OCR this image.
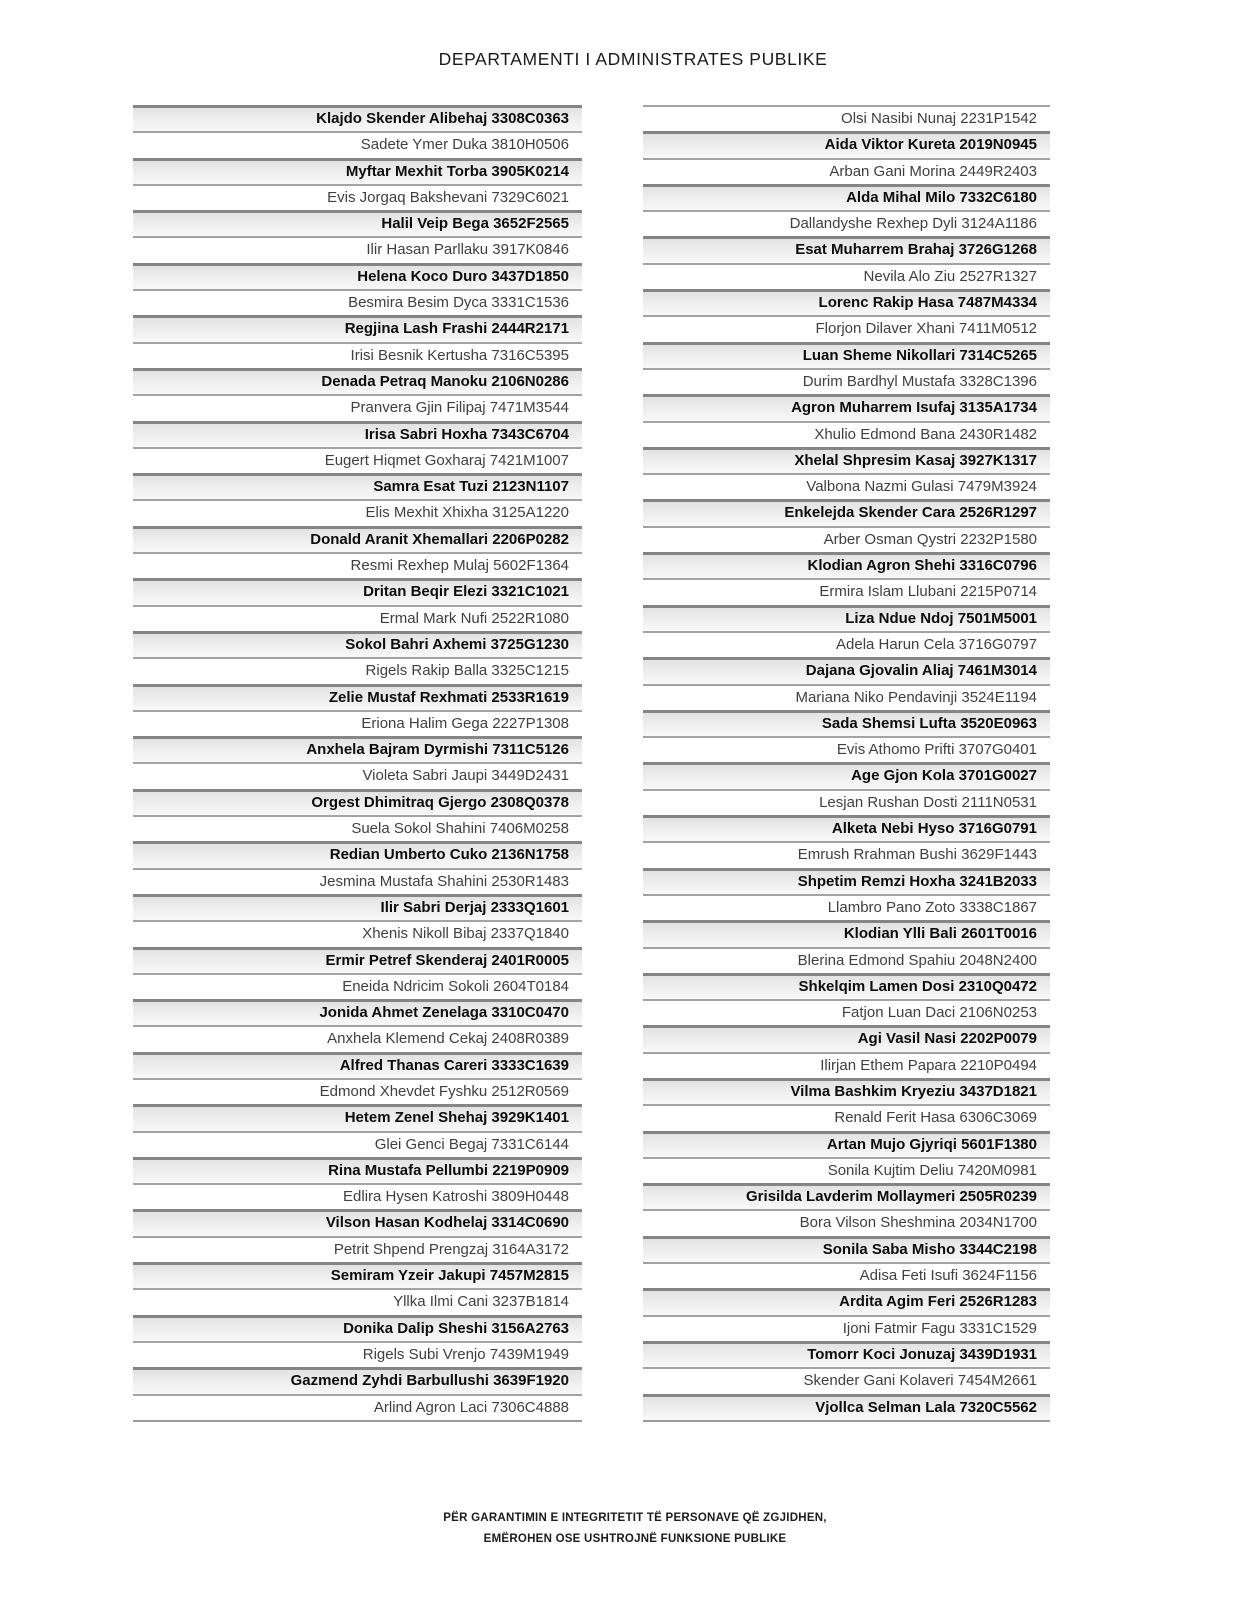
DEPARTAMENTI I ADMINISTRATES PUBLIKE
Klajdo Skender Alibehaj 3308C0363
Sadete Ymer Duka 3810H0506
Myftar Mexhit Torba 3905K0214
Evis Jorgaq Bakshevani 7329C6021
Halil Veip Bega 3652F2565
Ilir Hasan Parllaku 3917K0846
Helena Koco Duro 3437D1850
Besmira Besim Dyca 3331C1536
Regjina Lash Frashi 2444R2171
Irisi Besnik Kertusha 7316C5395
Denada Petraq Manoku 2106N0286
Pranvera Gjin Filipaj 7471M3544
Irisa Sabri Hoxha 7343C6704
Eugert Hiqmet Goxharaj 7421M1007
Samra Esat Tuzi 2123N1107
Elis Mexhit Xhixha 3125A1220
Donald Aranit Xhemallari 2206P0282
Resmi Rexhep Mulaj 5602F1364
Dritan Beqir Elezi 3321C1021
Ermal Mark Nufi 2522R1080
Sokol Bahri Axhemi 3725G1230
Rigels Rakip Balla 3325C1215
Zelie Mustaf Rexhmati 2533R1619
Eriona Halim Gega 2227P1308
Anxhela Bajram Dyrmishi 7311C5126
Violeta Sabri Jaupi 3449D2431
Orgest Dhimitraq Gjergo 2308Q0378
Suela Sokol Shahini 7406M0258
Redian Umberto Cuko 2136N1758
Jesmina Mustafa Shahini 2530R1483
Ilir Sabri Derjaj 2333Q1601
Xhenis Nikoll Bibaj 2337Q1840
Ermir Petref Skenderaj 2401R0005
Eneida Ndricim Sokoli 2604T0184
Jonida Ahmet Zenelaga 3310C0470
Anxhela Klemend Cekaj 2408R0389
Alfred Thanas Careri 3333C1639
Edmond Xhevdet Fyshku 2512R0569
Hetem Zenel Shehaj 3929K1401
Glei Genci Begaj 7331C6144
Rina Mustafa Pellumbi 2219P0909
Edlira Hysen Katroshi 3809H0448
Vilson Hasan Kodhelaj 3314C0690
Petrit Shpend Prengzaj 3164A3172
Semiram Yzeir Jakupi 7457M2815
Yllka Ilmi Cani 3237B1814
Donika Dalip Sheshi 3156A2763
Rigels Subi Vrenjo 7439M1949
Gazmend Zyhdi Barbullushi 3639F1920
Arlind Agron Laci 7306C4888
Olsi Nasibi Nunaj 2231P1542
Aida Viktor Kureta 2019N0945
Arban Gani Morina 2449R2403
Alda Mihal Milo 7332C6180
Dallandyshe Rexhep Dyli 3124A1186
Esat Muharrem Brahaj 3726G1268
Nevila Alo Ziu 2527R1327
Lorenc Rakip Hasa 7487M4334
Florjon Dilaver Xhani 7411M0512
Luan Sheme Nikollari 7314C5265
Durim Bardhyl Mustafa 3328C1396
Agron Muharrem Isufaj 3135A1734
Xhulio Edmond Bana 2430R1482
Xhelal Shpresim Kasaj 3927K1317
Valbona Nazmi Gulasi 7479M3924
Enkelejda Skender Cara 2526R1297
Arber Osman Qystri 2232P1580
Klodian Agron Shehi 3316C0796
Ermira Islam Llubani 2215P0714
Liza Ndue Ndoj 7501M5001
Adela Harun Cela 3716G0797
Dajana Gjovalin Aliaj 7461M3014
Mariana Niko Pendavinji 3524E1194
Sada Shemsi Lufta 3520E0963
Evis Athomo Prifti 3707G0401
Age Gjon Kola 3701G0027
Lesjan Rushan Dosti 2111N0531
Alketa Nebi Hyso 3716G0791
Emrush Rrahman Bushi 3629F1443
Shpetim Remzi Hoxha 3241B2033
Llambro Pano Zoto 3338C1867
Klodian Ylli Bali 2601T0016
Blerina Edmond Spahiu 2048N2400
Shkelqim Lamen Dosi 2310Q0472
Fatjon Luan Daci 2106N0253
Agi Vasil Nasi 2202P0079
Ilirjan Ethem Papara 2210P0494
Vilma Bashkim Kryeziu 3437D1821
Renald Ferit Hasa 6306C3069
Artan Mujo Gjyriqi 5601F1380
Sonila Kujtim Deliu 7420M0981
Grisilda Lavderim Mollaymeri 2505R0239
Bora Vilson Sheshmina 2034N1700
Sonila Saba Misho 3344C2198
Adisa Feti Isufi 3624F1156
Ardita Agim Feri 2526R1283
Ijoni Fatmir Fagu 3331C1529
Tomorr Koci Jonuzaj 3439D1931
Skender Gani Kolaveri 7454M2661
Vjollca Selman Lala 7320C5562
PËR GARANTIMIN E INTEGRITETIT TË PERSONAVE QË ZGJIDHEN,
EMËROHEN OSE USHTROJNË FUNKSIONE PUBLIKE
